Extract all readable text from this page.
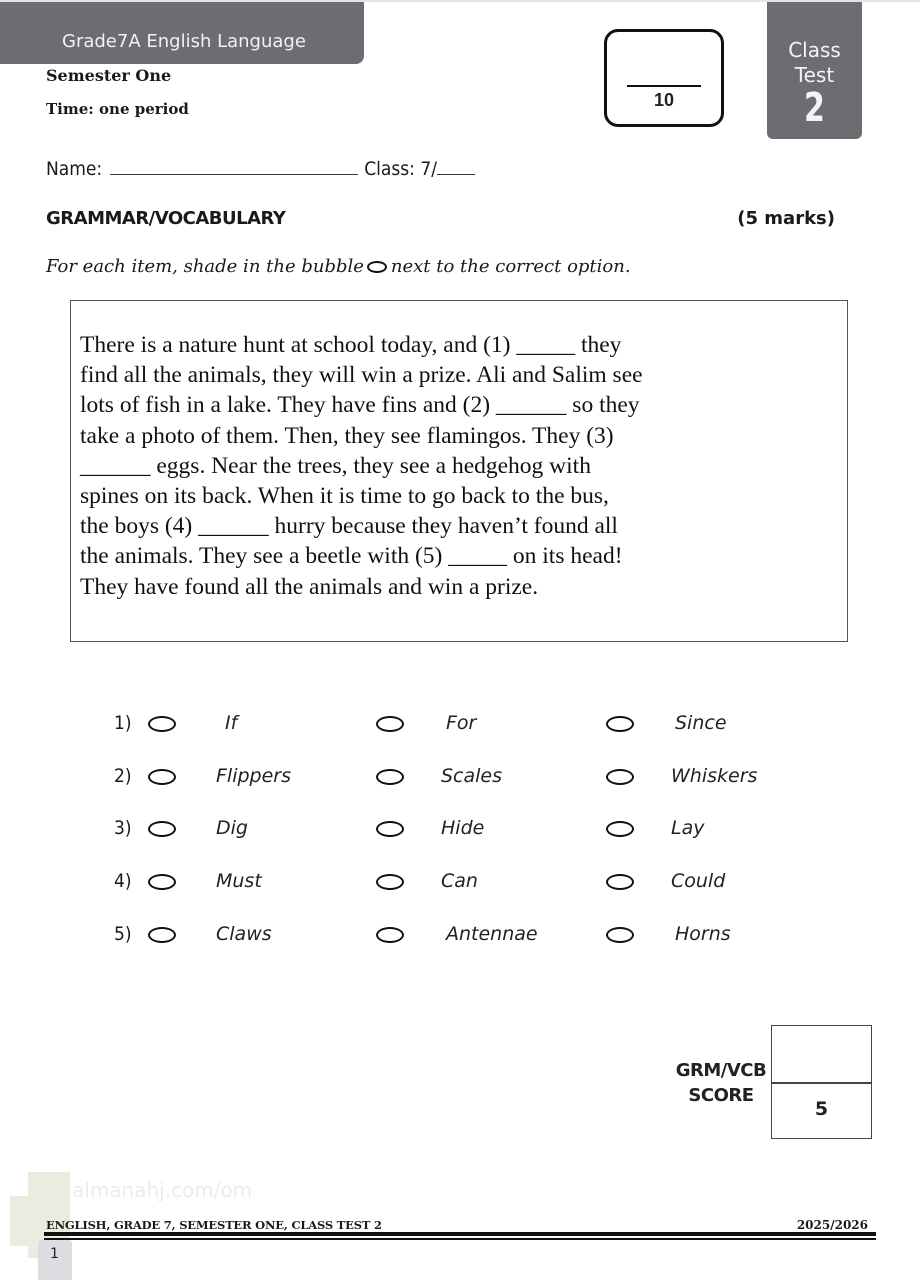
Grade7A English Language
Semester One
Time: one period	10
Class
Test
2
Name:	Class: 7/
GRAMMAR/VOCABULARY	(5 marks)
For each item, shade in the bubble next to the correct option.
There is a nature hunt at school today, and (1) _____ they
find all the animals, they will win a prize. Ali and Salim see
lots of fish in a lake. They have fins and (2) ______ so they
take a photo of them. Then, they see flamingos. They (3)
______ eggs. Near the trees, they see a hedgehog with
spines on its back. When it is time to go back to the bus,
the boys (4) ______ hurry because they haven’t found all
the animals. They see a beetle with (5) _____ on its head!
They have found all the animals and win a prize.
1)	If	For	Since
2)	Flippers	Scales	Whiskers
3)	Dig	Hide	Lay
4)	Must	Can	Could
5)	Claws	Antennae	Horns
GRM/VCB
SCORE
5
almanahj.com/om
ENGLISH, GRADE 7, SEMESTER ONE, CLASS TEST 2	2025/2026
1
